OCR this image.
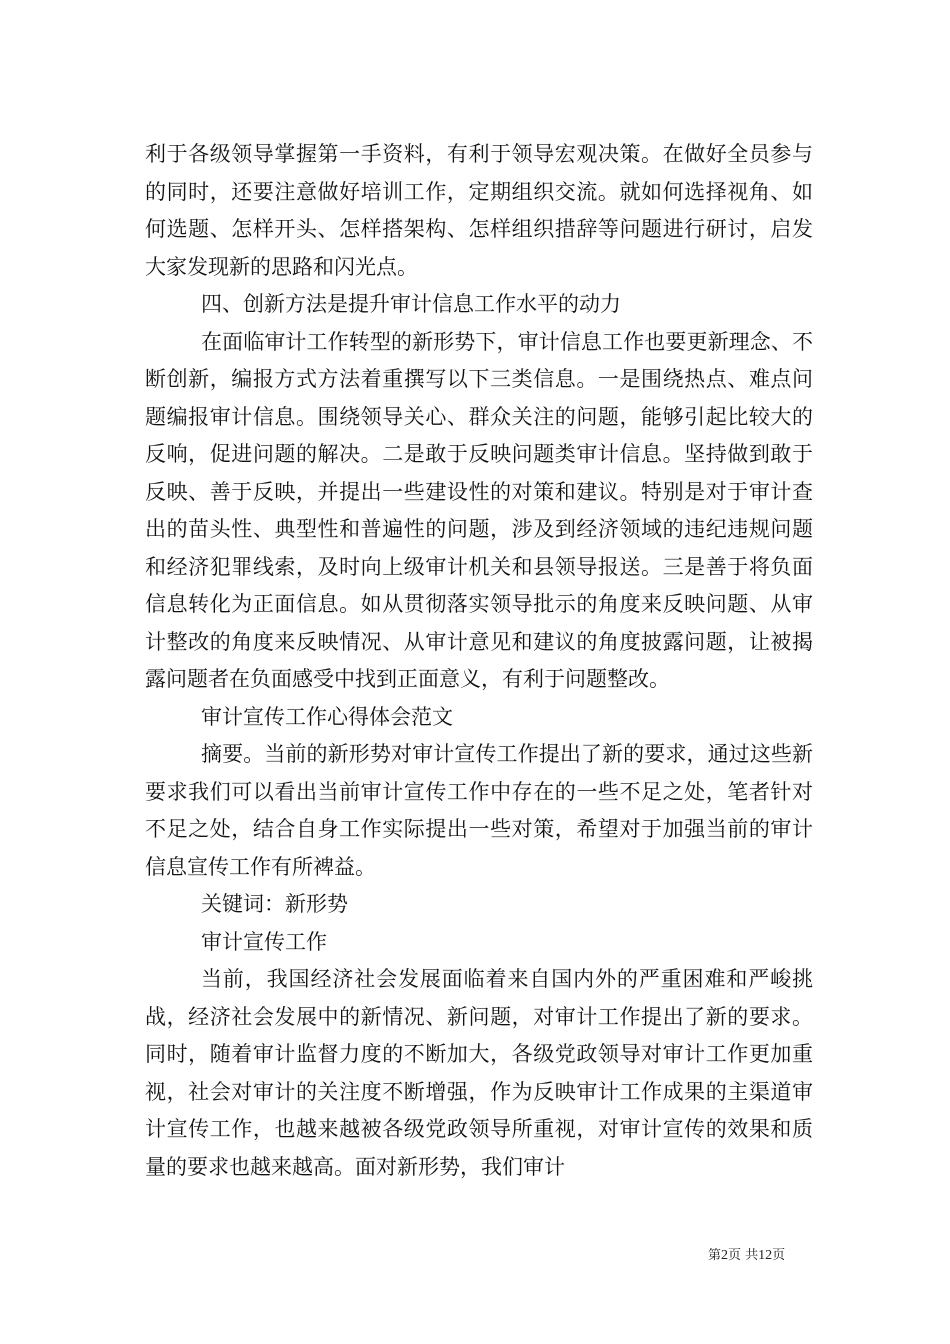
利于各级领导掌握第一手资料，有利于领导宏观决策。在做好全员参与的同时，还要注意做好培训工作，定期组织交流。就如何选择视角、如何选题、怎样开头、怎样搭架构、怎样组织措辞等问题进行研讨，启发大家发现新的思路和闪光点。

四、创新方法是提升审计信息工作水平的动力

在面临审计工作转型的新形势下，审计信息工作也要更新理念、不断创新，编报方式方法着重撰写以下三类信息。一是围绕热点、难点问题编报审计信息。围绕领导关心、群众关注的问题，能够引起比较大的反响，促进问题的解决。二是敢于反映问题类审计信息。坚持做到敢于反映、善于反映，并提出一些建设性的对策和建议。特别是对于审计查出的苗头性、典型性和普遍性的问题，涉及到经济领域的违纪违规问题和经济犯罪线索，及时向上级审计机关和县领导报送。三是善于将负面信息转化为正面信息。如从贯彻落实领导批示的角度来反映问题、从审计整改的角度来反映情况、从审计意见和建议的角度披露问题，让被揭露问题者在负面感受中找到正面意义，有利于问题整改。

审计宣传工作心得体会范文

摘要。当前的新形势对审计宣传工作提出了新的要求，通过这些新要求我们可以看出当前审计宣传工作中存在的一些不足之处，笔者针对不足之处，结合自身工作实际提出一些对策，希望对于加强当前的审计信息宣传工作有所裨益。

关键词：新形势

审计宣传工作

当前，我国经济社会发展面临着来自国内外的严重困难和严峻挑战，经济社会发展中的新情况、新问题，对审计工作提出了新的要求。同时，随着审计监督力度的不断加大，各级党政领导对审计工作更加重视，社会对审计的关注度不断增强，作为反映审计工作成果的主渠道审计宣传工作，也越来越被各级党政领导所重视，对审计宣传的效果和质量的要求也越来越高。面对新形势，我们审计

第2页 共12页
